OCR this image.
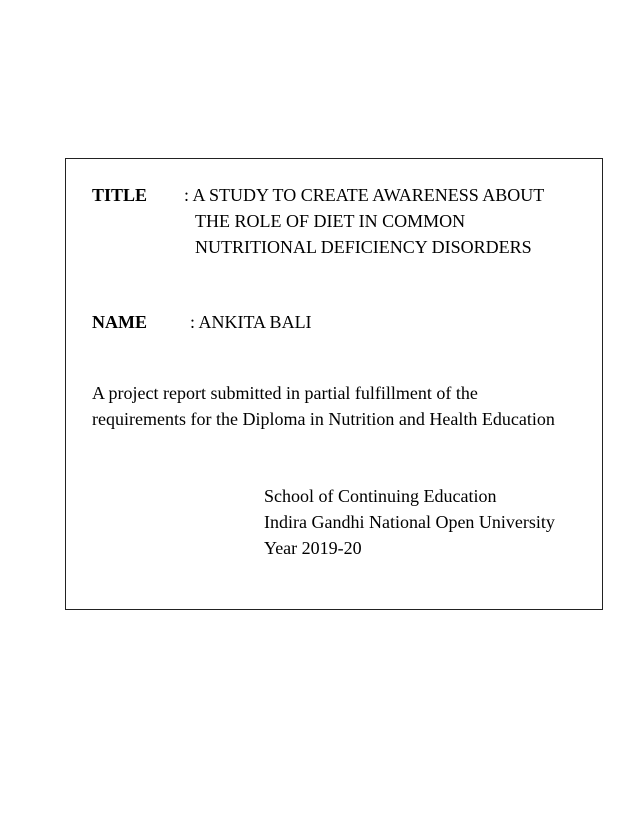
TITLE : A STUDY TO CREATE AWARENESS ABOUT
THE ROLE OF DIET IN COMMON
NUTRITIONAL DEFICIENCY DISORDERS
NAME : ANKITA BALI
A project report submitted in partial fulfillment of the
requirements for the Diploma in Nutrition and Health Education
School of Continuing Education
Indira Gandhi National Open University
Year 2019-20
